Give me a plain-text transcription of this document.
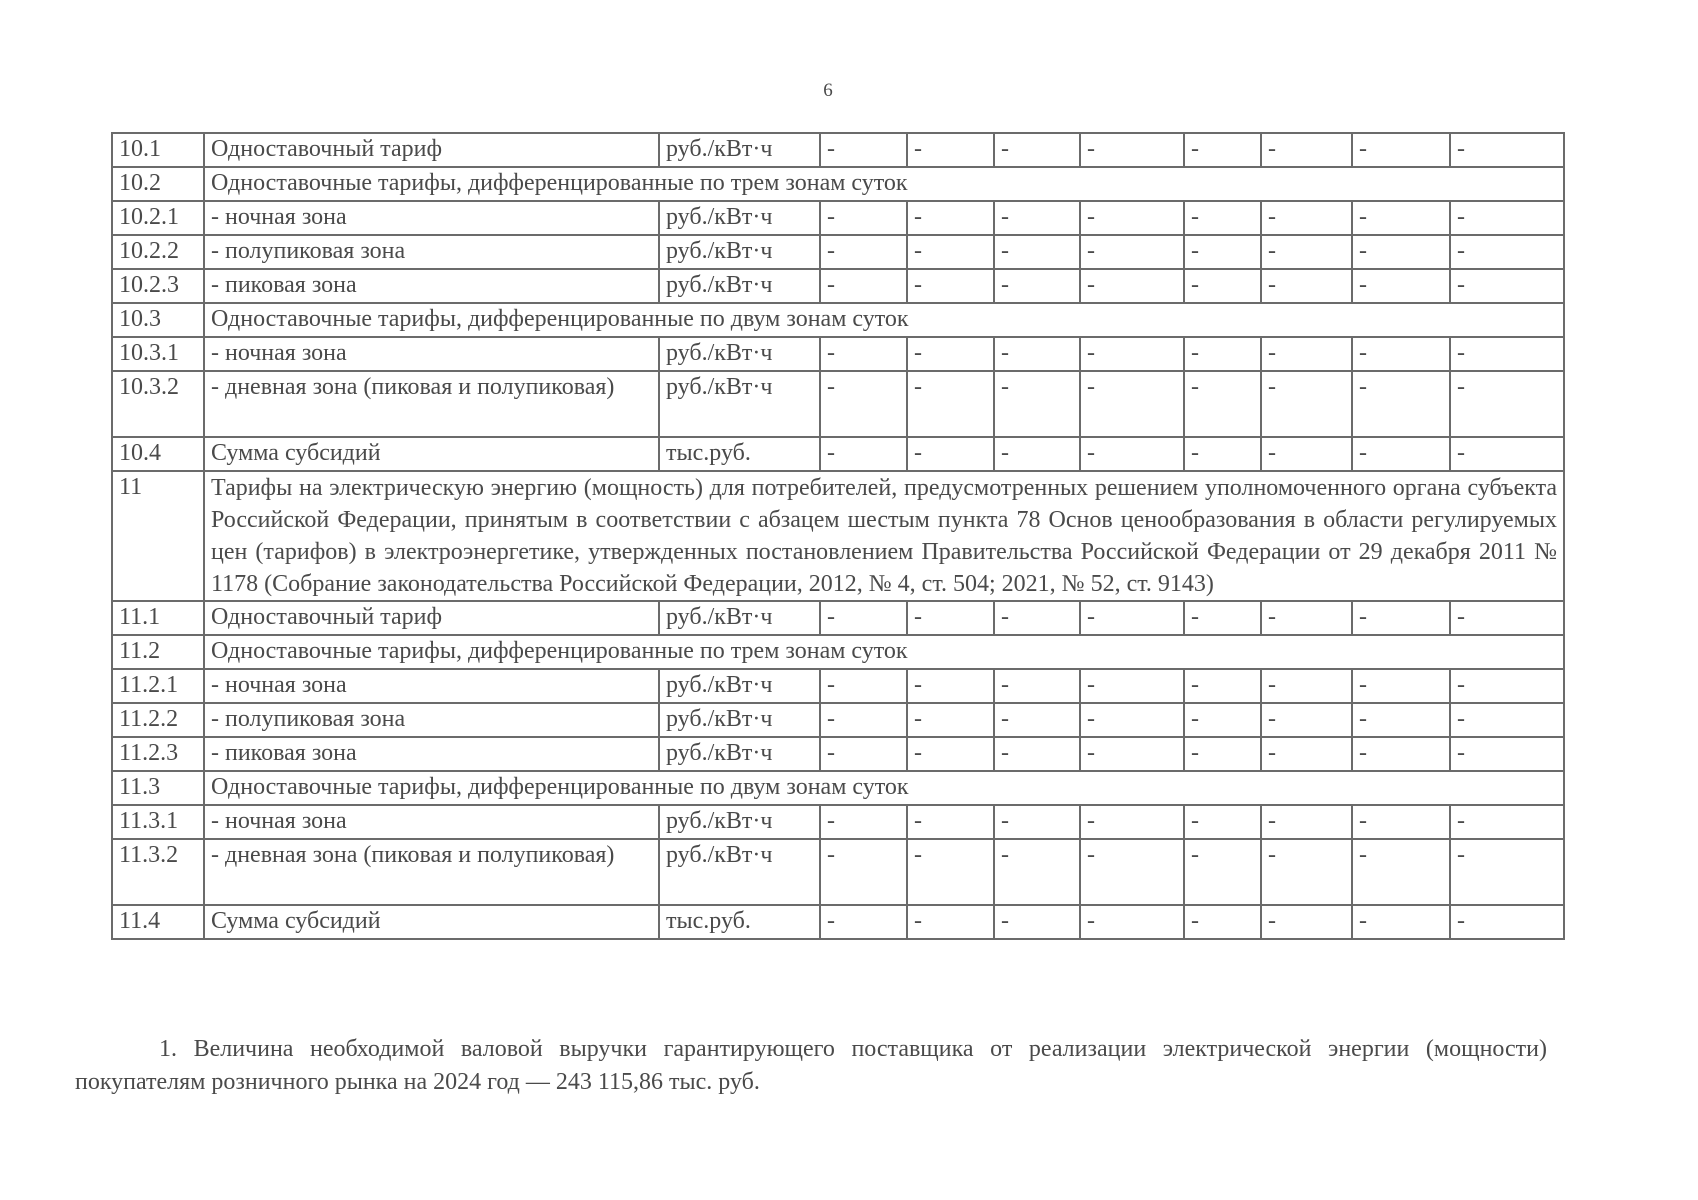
6
10.1	Одноставочный тариф	руб./кВт·ч	-	-	-	-	-	-	-	-
10.2	Одноставочные тарифы, дифференцированные по трем зонам суток									
10.2.1	- ночная зона	руб./кВт·ч	-	-	-	-	-	-	-	-
10.2.2	- полупиковая зона	руб./кВт·ч	-	-	-	-	-	-	-	-
10.2.3	- пиковая зона	руб./кВт·ч	-	-	-	-	-	-	-	-
10.3	Одноставочные тарифы, дифференцированные по двум зонам суток									
10.3.1	- ночная зона	руб./кВт·ч	-	-	-	-	-	-	-	-
10.3.2	- дневная зона (пиковая и полупиковая)	руб./кВт·ч	-	-	-	-	-	-	-	-
10.4	Сумма субсидий	тыс.руб.	-	-	-	-	-	-	-	-
11	Тарифы на электрическую энергию (мощность) для потребителей, предусмотренных решением уполномоченного органа субъекта Российской Федерации, принятым в соответствии с абзацем шестым пункта 78 Основ ценообразования в области регулируемых цен (тарифов) в электроэнергетике, утвержденных постановлением Правительства Российской Федерации от 29 декабря 2011 № 1178 (Собрание законодательства Российской Федерации, 2012, № 4, ст. 504; 2021, № 52, ст. 9143)									
11.1	Одноставочный тариф	руб./кВт·ч	-	-	-	-	-	-	-	-
11.2	Одноставочные тарифы, дифференцированные по трем зонам суток									
11.2.1	- ночная зона	руб./кВт·ч	-	-	-	-	-	-	-	-
11.2.2	- полупиковая зона	руб./кВт·ч	-	-	-	-	-	-	-	-
11.2.3	- пиковая зона	руб./кВт·ч	-	-	-	-	-	-	-	-
11.3	Одноставочные тарифы, дифференцированные по двум зонам суток									
11.3.1	- ночная зона	руб./кВт·ч	-	-	-	-	-	-	-	-
11.3.2	- дневная зона (пиковая и полупиковая)	руб./кВт·ч	-	-	-	-	-	-	-	-
11.4	Сумма субсидий	тыс.руб.	-	-	-	-	-	-	-	-

1. Величина необходимой валовой выручки гарантирующего поставщика от реализации электрической энергии (мощности) покупателям розничного рынка на 2024 год — 243 115,86 тыс. руб.
